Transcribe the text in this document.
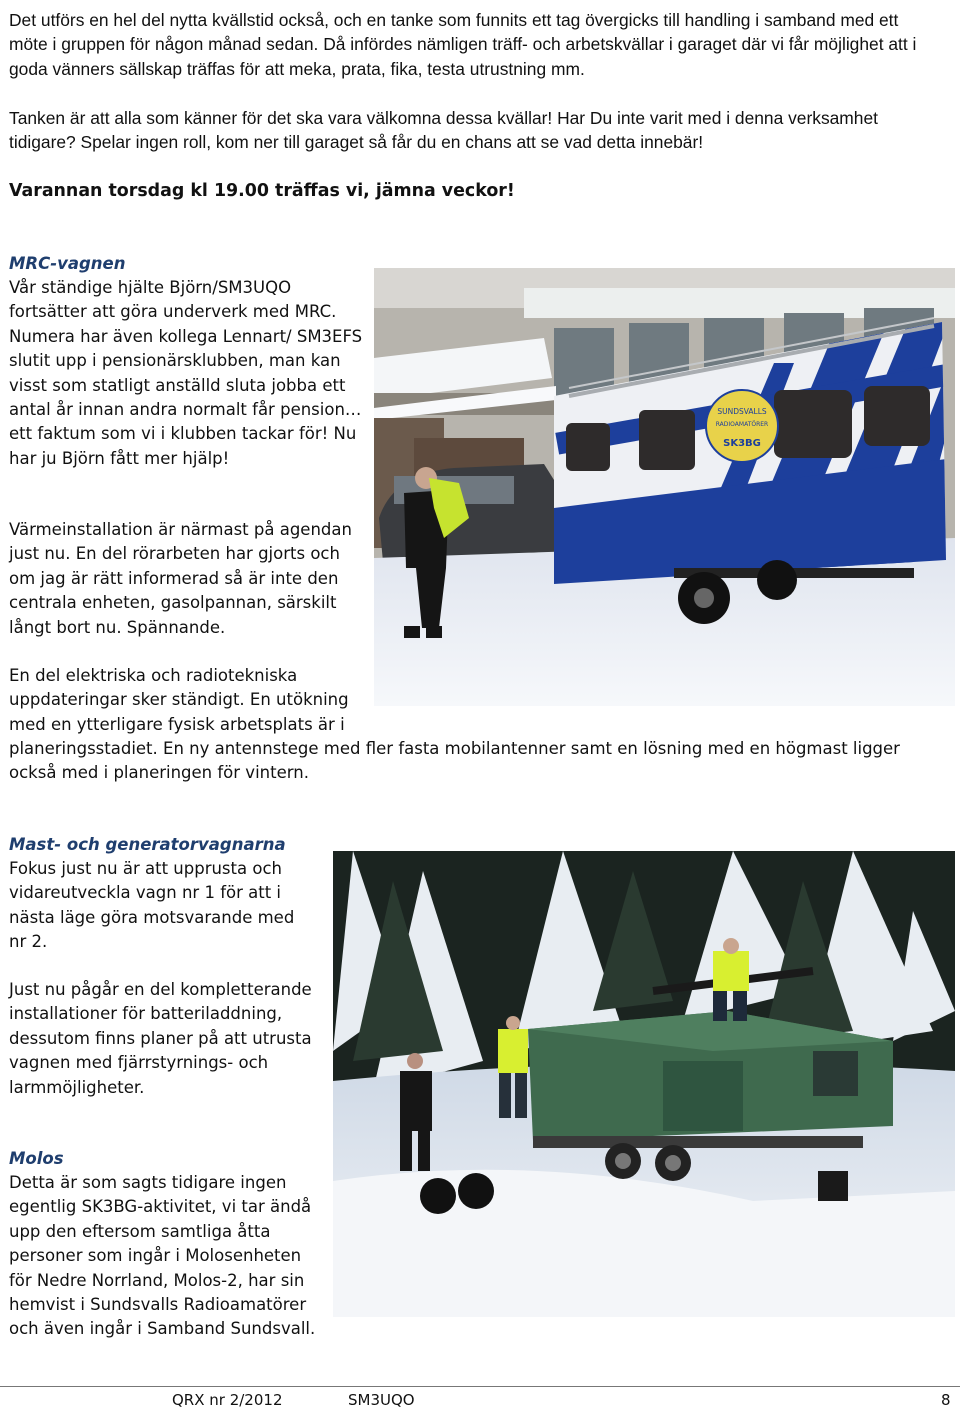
Det utförs en hel del nytta kvällstid också, och en tanke som funnits ett tag övergicks till handling i samband med ett möte i gruppen för någon månad sedan. Då infördes nämligen träff- och arbetskvällar i garaget där vi får möjlighet att i goda vänners sällskap träffas för att meka, prata, fika, testa utrustning mm.

Tanken är att alla som känner för det ska vara välkomna dessa kvällar! Har Du inte varit med i denna verksamhet tidigare? Spelar ingen roll, kom ner till garaget så får du en chans att se vad detta innebär!

Varannan torsdag kl 19.00 träffas vi, jämna veckor!

MRC-vagnen

Vår ständige hjälte Björn/SM3UQO fortsätter att göra underverk med MRC. Numera har även kollega Lennart/ SM3EFS slutit upp i pensionärsklubben, man kan visst som statligt anställd sluta jobba ett antal år innan andra normalt får pension…ett faktum som vi i klubben tackar för! Nu har ju Björn fått mer hjälp!

Värmeinstallation är närmast på agendan just nu. En del rörarbeten har gjorts och om jag är rätt informerad så är inte den centrala enheten, gasolpannan, särskilt långt bort nu. Spännande.

En del elektriska och radiotekniska uppdateringar sker ständigt. En utökning med en ytterligare fysisk arbetsplats är i

planeringsstadiet. En ny antennstege med fler fasta mobilantenner samt en lösning med en högmast ligger också med i planeringen för vintern.

SUNDSVALLS
RADIOAMATÖRER
SK3BG

Mast- och generatorvagnarna

Fokus just nu är att upprusta och vidareutveckla vagn nr 1 för att i nästa läge göra motsvarande med nr 2.

Just nu pågår en del kompletterande installationer för batteriladdning, dessutom finns planer på att utrusta vagnen med fjärrstyrnings- och larmmöjligheter.

Molos

Detta är som sagts tidigare ingen egentlig SK3BG-aktivitet, vi tar ändå upp den eftersom samtliga åtta personer som ingår i Molosenheten för Nedre Norrland, Molos-2, har sin hemvist i Sundsvalls Radioamatörer och även ingår i Samband Sundsvall.

QRX nr 2/2012	SM3UQO	8
